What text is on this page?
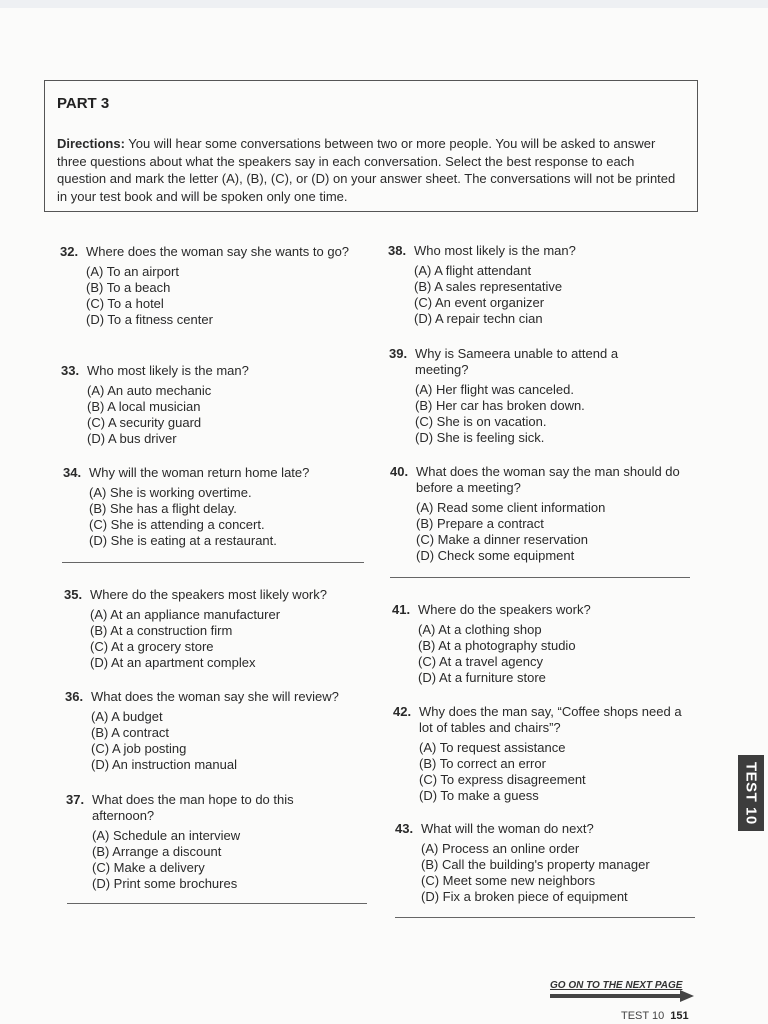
PART 3

Directions: You will hear some conversations between two or more people. You will be asked to answer three questions about what the speakers say in each conversation. Select the best response to each question and mark the letter (A), (B), (C), or (D) on your answer sheet. The conversations will not be printed in your test book and will be spoken only one time.

32. Where does the woman say she wants to go?
(A) To an airport
(B) To a beach
(C) To a hotel
(D) To a fitness center
33. Who most likely is the man?
(A) An auto mechanic
(B) A local musician
(C) A security guard
(D) A bus driver
34. Why will the woman return home late?
(A) She is working overtime.
(B) She has a flight delay.
(C) She is attending a concert.
(D) She is eating at a restaurant.
35. Where do the speakers most likely work?
(A) At an appliance manufacturer
(B) At a construction firm
(C) At a grocery store
(D) At an apartment complex
36. What does the woman say she will review?
(A) A budget
(B) A contract
(C) A job posting
(D) An instruction manual
37. What does the man hope to do this afternoon?
(A) Schedule an interview
(B) Arrange a discount
(C) Make a delivery
(D) Print some brochures
38. Who most likely is the man?
(A) A flight attendant
(B) A sales representative
(C) An event organizer
(D) A repair techn cian
39. Why is Sameera unable to attend a meeting?
(A) Her flight was canceled.
(B) Her car has broken down.
(C) She is on vacation.
(D) She is feeling sick.
40. What does the woman say the man should do before a meeting?
(A) Read some client information
(B) Prepare a contract
(C) Make a dinner reservation
(D) Check some equipment
41. Where do the speakers work?
(A) At a clothing shop
(B) At a photography studio
(C) At a travel agency
(D) At a furniture store
42. Why does the man say, “Coffee shops need a lot of tables and chairs”?
(A) To request assistance
(B) To correct an error
(C) To express disagreement
(D) To make a guess
43. What will the woman do next?
(A) Process an online order
(B) Call the building's property manager
(C) Meet some new neighbors
(D) Fix a broken piece of equipment
TEST 10
GO ON TO THE NEXT PAGE
TEST 10 151
